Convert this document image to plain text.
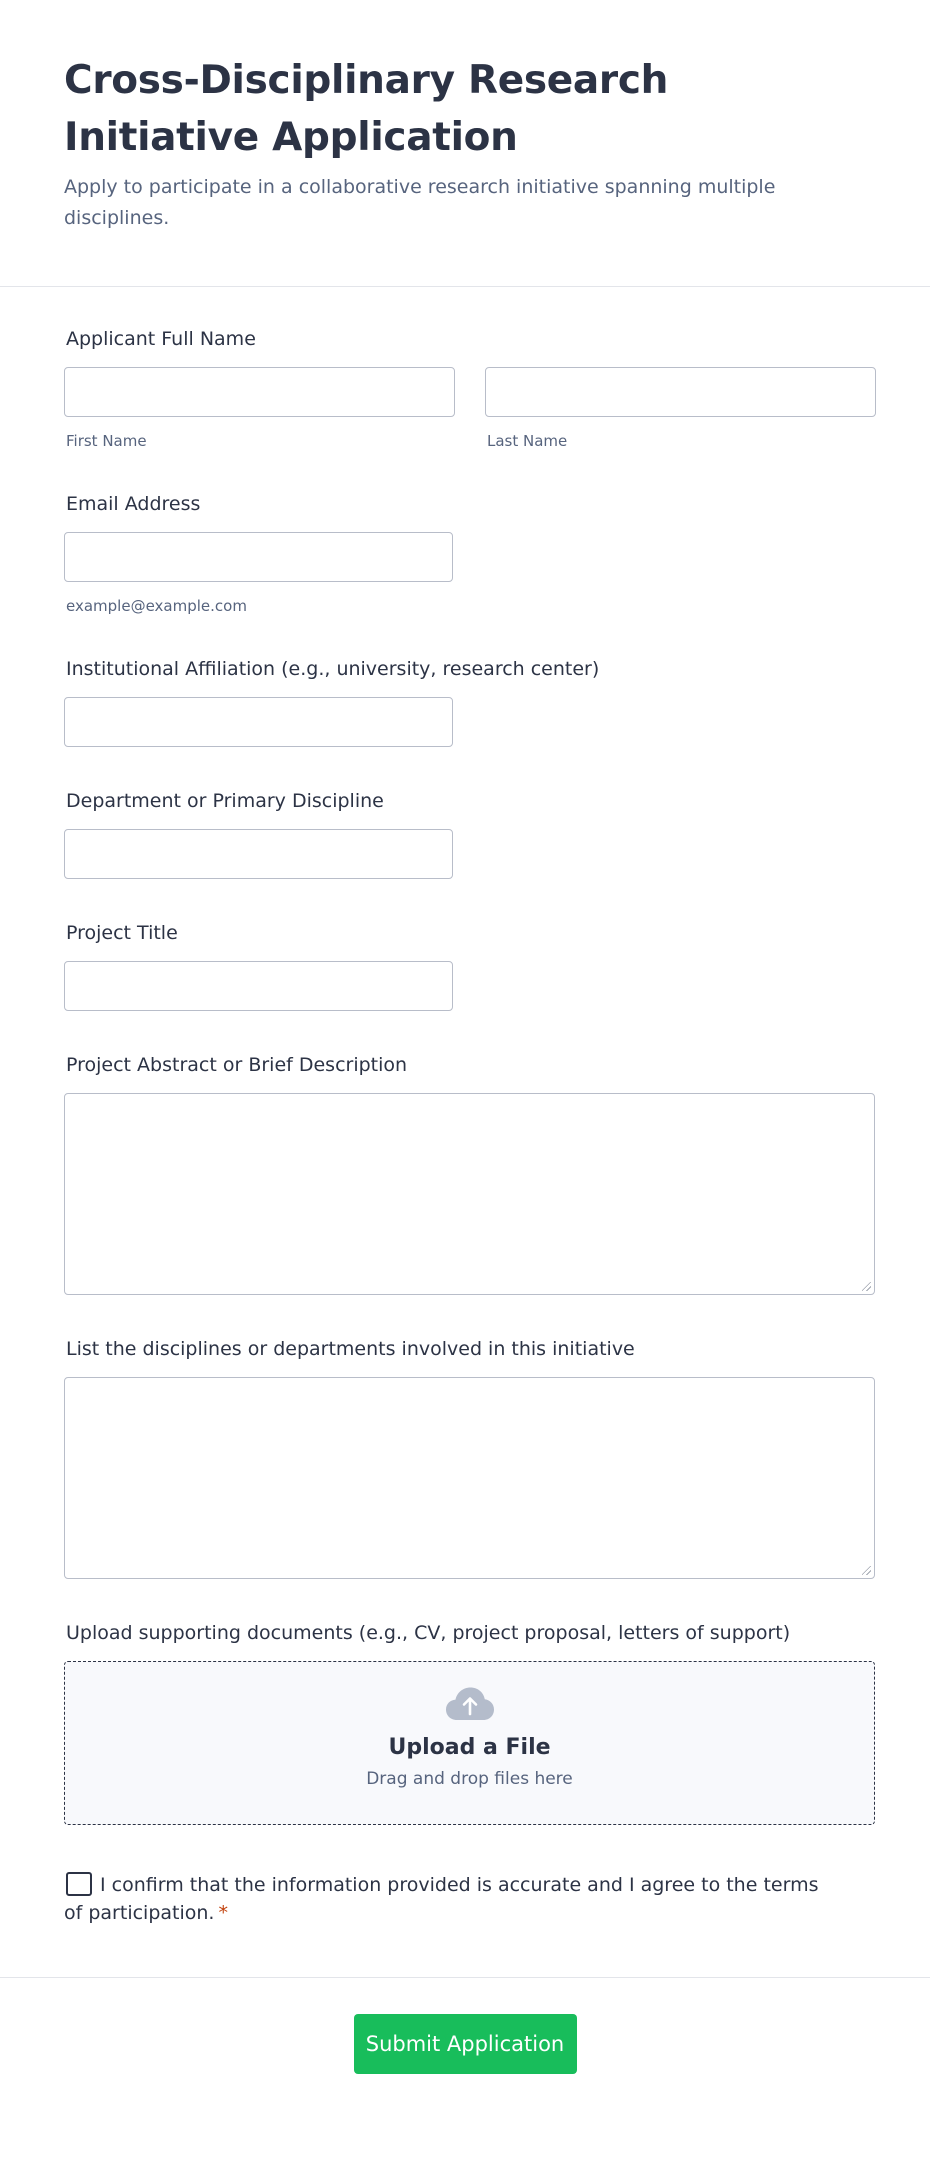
Cross-Disciplinary Research Initiative Application

Apply to participate in a collaborative research initiative spanning multiple disciplines.

Applicant Full Name
First Name	Last Name
Email Address
example@example.com
Institutional Affiliation (e.g., university, research center)
Department or Primary Discipline
Project Title
Project Abstract or Brief Description
List the disciplines or departments involved in this initiative
Upload supporting documents (e.g., CV, project proposal, letters of support)
Upload a File
Drag and drop files here
I confirm that the information provided is accurate and I agree to the terms of participation. *
Submit Application
